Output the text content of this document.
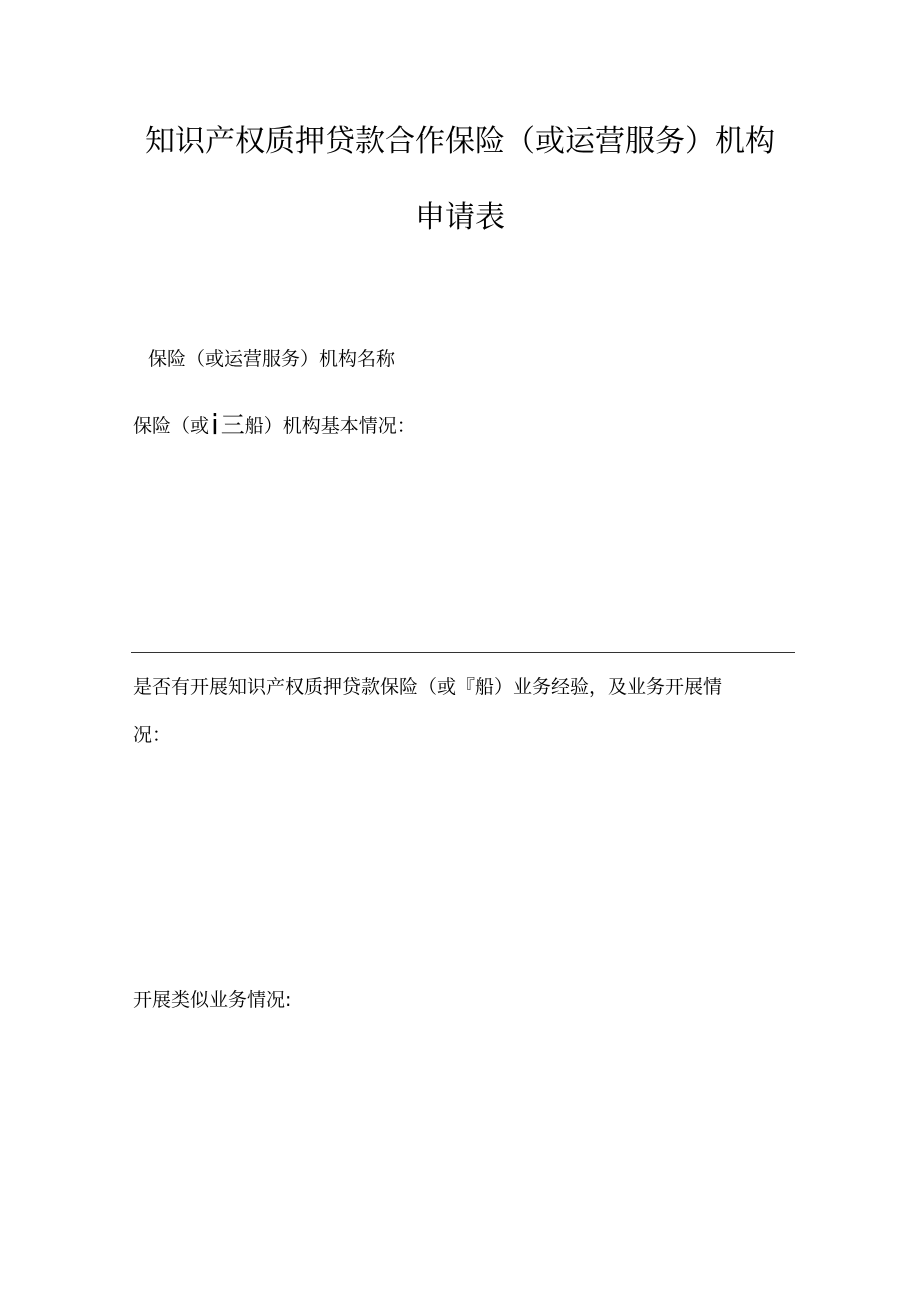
知识产权质押贷款合作保险（或运营服务）机构
申请表
保险（或运营服务）机构名称
保险（或i三船）机构基本情况：
是否有开展知识产权质押贷款保险（或『船）业务经验，及业务开展情
况：
开展类似业务情况:
